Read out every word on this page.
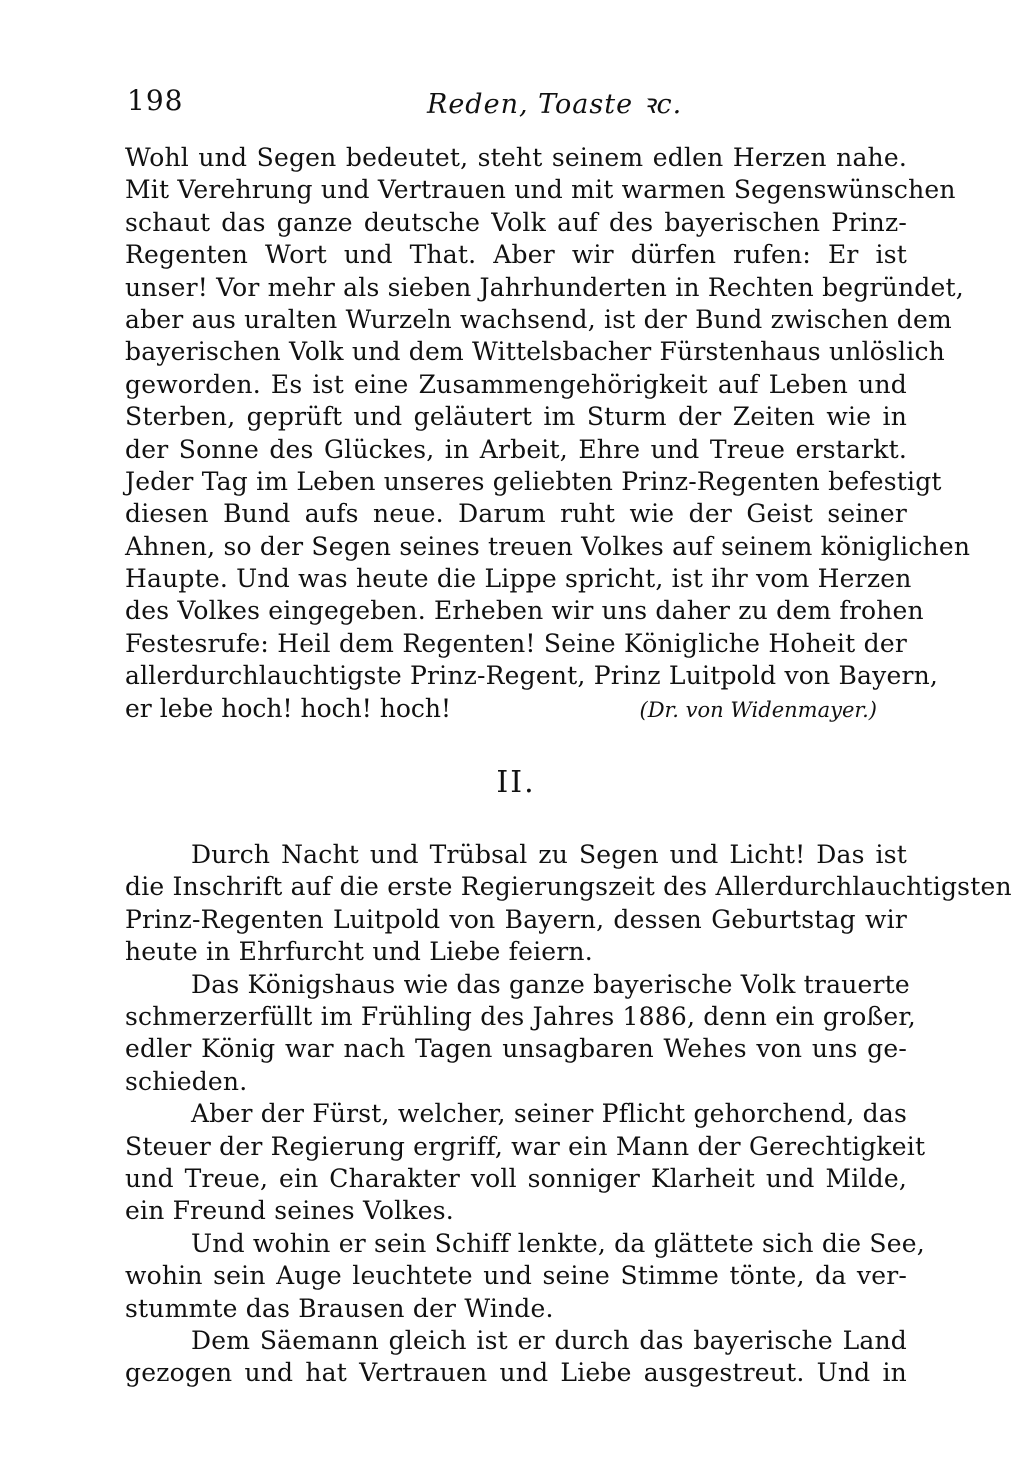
198	Reden, Toaste ꝛc.
Wohl und Segen bedeutet, steht seinem edlen Herzen nahe.
Mit Verehrung und Vertrauen und mit warmen Segenswünschen
schaut das ganze deutsche Volk auf des bayerischen Prinz-
Regenten Wort und That. Aber wir dürfen rufen: Er ist
unser! Vor mehr als sieben Jahrhunderten in Rechten begründet,
aber aus uralten Wurzeln wachsend, ist der Bund zwischen dem
bayerischen Volk und dem Wittelsbacher Fürstenhaus unlöslich
geworden. Es ist eine Zusammengehörigkeit auf Leben und
Sterben, geprüft und geläutert im Sturm der Zeiten wie in
der Sonne des Glückes, in Arbeit, Ehre und Treue erstarkt.
Jeder Tag im Leben unseres geliebten Prinz-Regenten befestigt
diesen Bund aufs neue. Darum ruht wie der Geist seiner
Ahnen, so der Segen seines treuen Volkes auf seinem königlichen
Haupte. Und was heute die Lippe spricht, ist ihr vom Herzen
des Volkes eingegeben. Erheben wir uns daher zu dem frohen
Festesrufe: Heil dem Regenten! Seine Königliche Hoheit der
allerdurchlauchtigste Prinz-Regent, Prinz Luitpold von Bayern,
er lebe hoch! hoch! hoch!	(Dr. von Widenmayer.)
II.
Durch Nacht und Trübsal zu Segen und Licht! Das ist
die Inschrift auf die erste Regierungszeit des Allerdurchlauchtigsten
Prinz-Regenten Luitpold von Bayern, dessen Geburtstag wir
heute in Ehrfurcht und Liebe feiern.
Das Königshaus wie das ganze bayerische Volk trauerte
schmerzerfüllt im Frühling des Jahres 1886, denn ein großer,
edler König war nach Tagen unsagbaren Wehes von uns ge-
schieden.
Aber der Fürst, welcher, seiner Pflicht gehorchend, das
Steuer der Regierung ergriff, war ein Mann der Gerechtigkeit
und Treue, ein Charakter voll sonniger Klarheit und Milde,
ein Freund seines Volkes.
Und wohin er sein Schiff lenkte, da glättete sich die See,
wohin sein Auge leuchtete und seine Stimme tönte, da ver-
stummte das Brausen der Winde.
Dem Säemann gleich ist er durch das bayerische Land
gezogen und hat Vertrauen und Liebe ausgestreut. Und in
